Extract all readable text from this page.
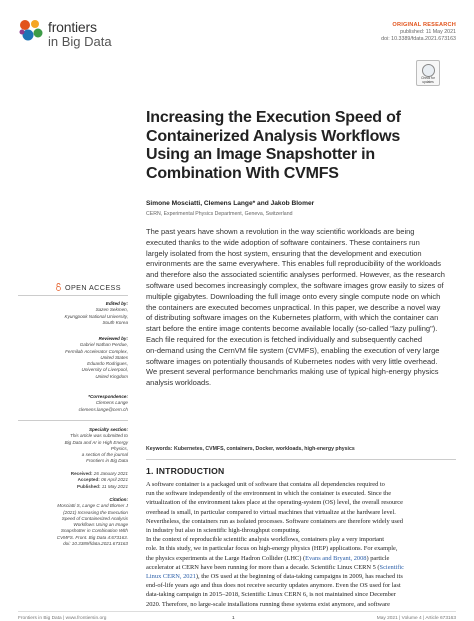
frontiers
in Big Data
ORIGINAL RESEARCH
published: 11 May 2021
doi: 10.3389/fdata.2021.673163
Check for
updates
Increasing the Execution Speed of
Containerized Analysis Workflows
Using an Image Snapshotter in
Combination With CVMFS
Simone Mosciatti, Clemens Lange* and Jakob Blomer
CERN, Experimental Physics Department, Geneva, Switzerland
The past years have shown a revolution in the way scientific workloads are being
executed thanks to the wide adoption of software containers. These containers run
largely isolated from the host system, ensuring that the development and execution
environments are the same everywhere. This enables full reproducibility of the workloads
and therefore also the associated scientific analyses performed. However, as the research
software used becomes increasingly complex, the software images grow easily to sizes of
multiple gigabytes. Downloading the full image onto every single compute node on which
the containers are executed becomes unpractical. In this paper, we describe a novel way
of distributing software images on the Kubernetes platform, with which the container can
start before the entire image contents become available locally (so-called "lazy pulling").
Each file required for the execution is fetched individually and subsequently cached
on-demand using the CernVM file system (CVMFS), enabling the execution of very large
software images on potentially thousands of Kubernetes nodes with very little overhead.
We present several performance benchmarks making use of typical high-energy physics
analysis workloads.
Keywords: Kubernetes, CVMFS, containers, Docker, workloads, high-energy physics
OPEN ACCESS
Edited by:
Sazen Sekmen,
Kyungpook National University,
South Korea
Reviewed by:
Gabriel Nathan Perdue,
Fermilab Accelerator Complex,
United States
Eduardo Rodrigues,
University of Liverpool,
United Kingdom
*Correspondence:
Clemens Lange
clemens.lange@cern.ch
Specialty section:
This article was submitted to
Big Data and AI in High Energy
Physics,
a section of the journal
Frontiers in Big Data
Received: 26 January 2021
Accepted: 06 April 2021
Published: 11 May 2021
Citation:
Mosciatti S, Lange C and Blomer J
(2021) Increasing the Execution
Speed of Containerized Analysis
Workflows Using an Image
Snapshotter in Combination With
CVMFS. Front. Big Data 4:673163.
doi: 10.3389/fdata.2021.673163
1. INTRODUCTION
A software container is a packaged unit of software that contains all dependencies required to
run the software independently of the environment in which the container is executed. Since the
virtualization of the environment takes place at the operating-system (OS) level, the overall resource
overhead is small, in particular compared to virtual machines that virtualize at the hardware level.
Nevertheless, the containers run as isolated processes. Software containers are therefore widely used
in industry but also in scientific high-throughput computing.
In the context of reproducible scientific analysis workflows, containers play a very important
role. In this study, we in particular focus on high-energy physics (HEP) applications. For example,
the physics experiments at the Large Hadron Collider (LHC) (Evans and Bryant, 2008) particle
accelerator at CERN have been running for more than a decade. Scientific Linux CERN 5 (Scientific
Linux CERN, 2021), the OS used at the beginning of data-taking campaigns in 2009, has reached its
end-of-life years ago and thus does not receive security updates anymore. Even the OS used for last
data-taking campaign in 2015–2018, Scientific Linux CERN 6, is not maintained since December
2020. Therefore, no large-scale installations running these systems exist anymore, and software
Frontiers in Big Data | www.frontiersin.org	1	May 2021 | Volume 4 | Article 673163
